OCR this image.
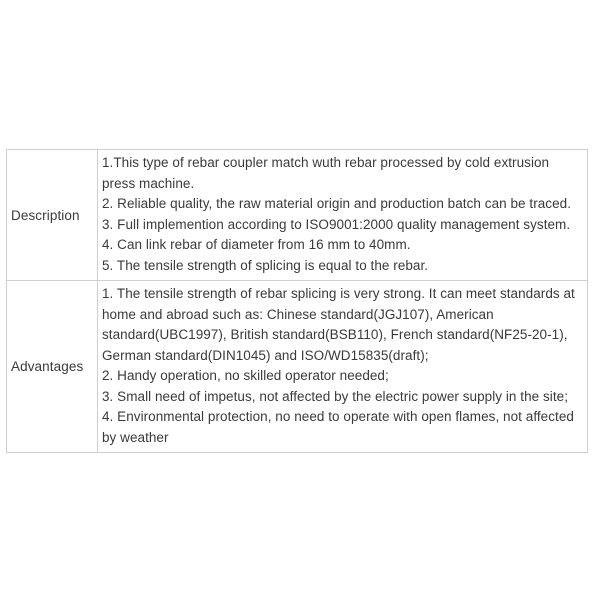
Description	1.This type of rebar coupler match wuth rebar processed by cold extrusion press machine.
2. Reliable quality, the raw material origin and production batch can be traced.
3. Full implemention according to ISO9001:2000 quality management system.
4. Can link rebar of diameter from 16 mm to 40mm.
5. The tensile strength of splicing is equal to the rebar.

Advantages	1. The tensile strength of rebar splicing is very strong. It can meet standards at home and abroad such as: Chinese standard(JGJ107), American standard(UBC1997), British standard(BSB110), French standard(NF25-20-1), German standard(DIN1045) and ISO/WD15835(draft);
2. Handy operation, no skilled operator needed;
3. Small need of impetus, not affected by the electric power supply in the site;
4. Environmental protection, no need to operate with open flames, not affected by weather
